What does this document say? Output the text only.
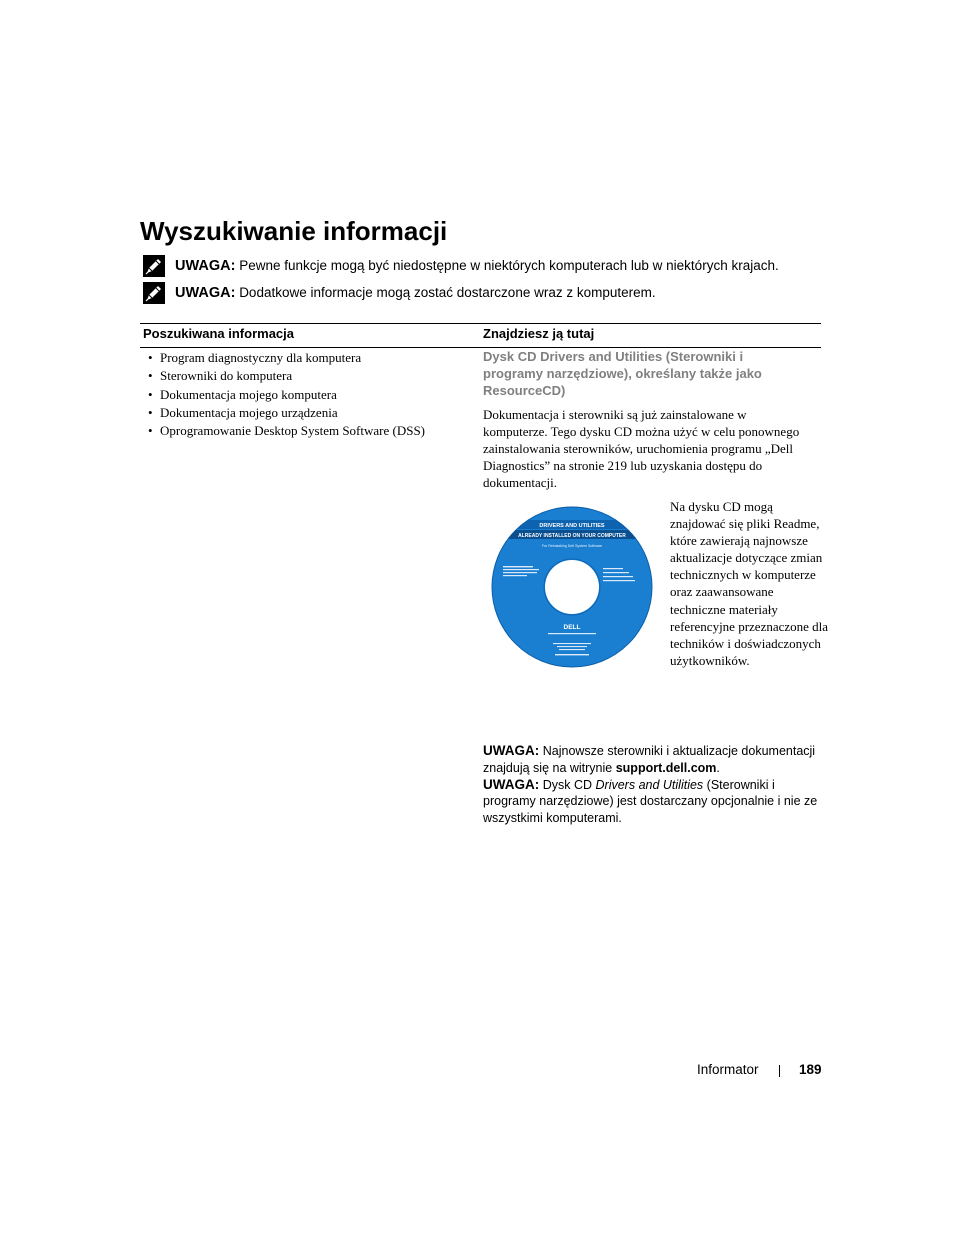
Wyszukiwanie informacji
UWAGA: Pewne funkcje mogą być niedostępne w niektórych komputerach lub w niektórych krajach.
UWAGA: Dodatkowe informacje mogą zostać dostarczone wraz z komputerem.
Poszukiwana informacja	Znajdziesz ją tutaj
• Program diagnostyczny dla komputera
• Sterowniki do komputera
• Dokumentacja mojego komputera
• Dokumentacja mojego urządzenia
• Oprogramowanie Desktop System Software (DSS)
Dysk CD Drivers and Utilities (Sterowniki i programy narzędziowe), określany także jako ResourceCD)
Dokumentacja i sterowniki są już zainstalowane w komputerze. Tego dysku CD można użyć w celu ponownego zainstalowania sterowników, uruchomienia programu „Dell Diagnostics” na stronie 219 lub uzyskania dostępu do dokumentacji.
DRIVERS AND UTILITIES
ALREADY INSTALLED ON YOUR COMPUTER
For Reinstalling Dell System Software
DELL
Na dysku CD mogą znajdować się pliki Readme, które zawierają najnowsze aktualizacje dotyczące zmian technicznych w komputerze oraz zaawansowane techniczne materiały referencyjne przeznaczone dla techników i doświadczonych użytkowników.

UWAGA: Najnowsze sterowniki i aktualizacje dokumentacji znajdują się na witrynie support.dell.com.

UWAGA: Dysk CD Drivers and Utilities (Sterowniki i programy narzędziowe) jest dostarczany opcjonalnie i nie ze wszystkimi komputerami.

Informator	189
